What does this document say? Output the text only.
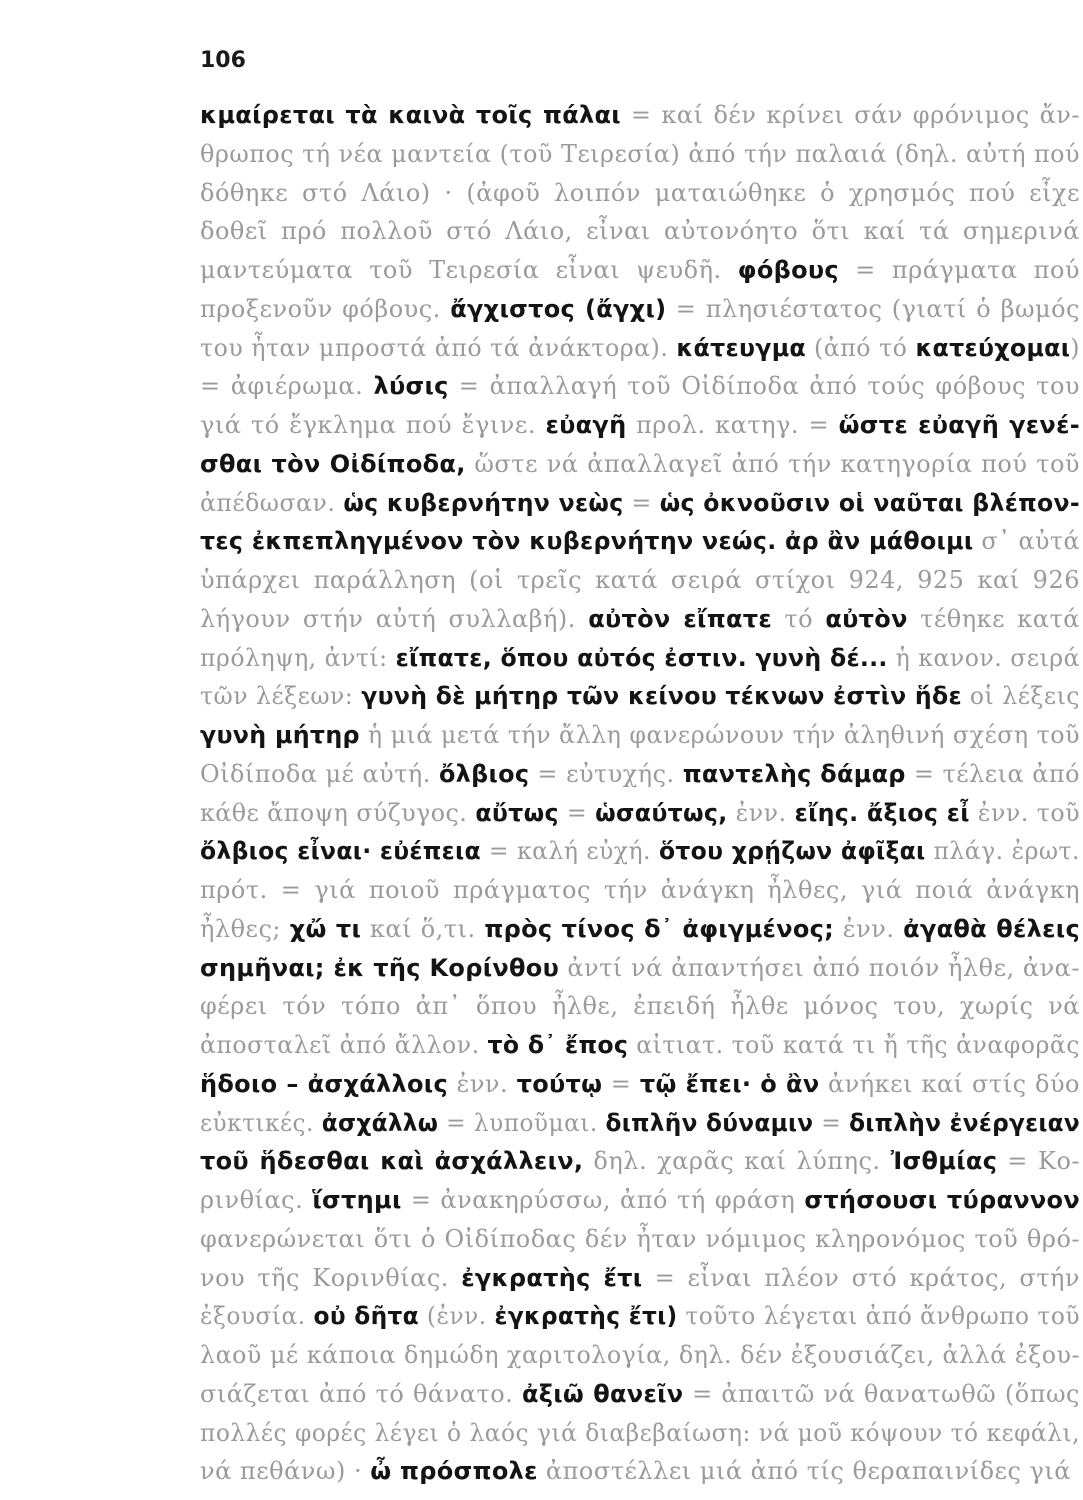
106

κμαίρεται τὰ καινὰ τοῖς πάλαι = καί δέν κρίνει σάν φρόνιμος ἄν-
θρωπος τή νέα μαντεία (τοῦ Τειρεσία) ἀπό τήν παλαιά (δηλ. αὐτή πού
δόθηκε στό Λάιο) · (ἀφοῦ λοιπόν ματαιώθηκε ὁ χρησμός πού εἶχε
δοθεῖ πρό πολλοῦ στό Λάιο, εἶναι αὐτονόητο ὅτι καί τά σημερινά
μαντεύματα τοῦ Τειρεσία εἶναι ψευδῆ. φόβους = πράγματα πού
προξενοῦν φόβους. ἄγχιστος (ἄγχι) = πλησιέστατος (γιατί ὁ βωμός
του ἦταν μπροστά ἀπό τά ἀνάκτορα). κάτευγμα (ἀπό τό κατεύχομαι)
= ἀφιέρωμα. λύσις = ἀπαλλαγή τοῦ Οἰδίποδα ἀπό τούς φόβους του
γιά τό ἔγκλημα πού ἔγινε. εὐαγῆ προλ. κατηγ. = ὥστε εὐαγῆ γενέ-
σθαι τὸν Οἰδίποδα, ὥστε νά ἀπαλλαγεῖ ἀπό τήν κατηγορία πού τοῦ
ἀπέδωσαν. ὡς κυβερνήτην νεὼς = ὡς ὀκνοῦσιν οἱ ναῦται βλέπον-
τες ἐκπεπληγμένον τὸν κυβερνήτην νεώς. ἀρ ἂν μάθοιμι σ᾽ αὐτά
ὑπάρχει παράλληση (οἱ τρεῖς κατά σειρά στίχοι 924, 925 καί 926
λήγουν στήν αὐτή συλλαβή). αὐτὸν εἴπατε τό αὐτὸν τέθηκε κατά
πρόληψη, ἀντί: εἴπατε, ὅπου αὐτός ἐστιν. γυνὴ δέ... ἡ κανον. σειρά
τῶν λέξεων: γυνὴ δὲ μήτηρ τῶν κείνου τέκνων ἐστὶν ἥδε οἱ λέξεις
γυνὴ μήτηρ ἡ μιά μετά τήν ἄλλη φανερώνουν τήν ἀληθινή σχέση τοῦ
Οἰδίποδα μέ αὐτή. ὄλβιος = εὐτυχής. παντελὴς δάμαρ = τέλεια ἀπό
κάθε ἄποψη σύζυγος. αὔτως = ὡσαύτως, ἐνν. εἴης. ἄξιος εἶ ἐνν. τοῦ
ὄλβιος εἶναι· εὐέπεια = καλή εὐχή. ὅτου χρῄζων ἀφῖξαι πλάγ. ἐρωτ.
πρότ. = γιά ποιοῦ πράγματος τήν ἀνάγκη ἦλθες, γιά ποιά ἀνάγκη
ἦλθες; χὤ τι καί ὅ,τι. πρὸς τίνος δ᾽ ἀφιγμένος; ἐνν. ἀγαθὰ θέλεις
σημῆναι; ἐκ τῆς Κορίνθου ἀντί νά ἀπαντήσει ἀπό ποιόν ἦλθε, ἀνα-
φέρει τόν τόπο ἀπ᾽ ὅπου ἦλθε, ἐπειδή ἦλθε μόνος του, χωρίς νά
ἀποσταλεῖ ἀπό ἄλλον. τὸ δ᾽ ἔπος αἰτιατ. τοῦ κατά τι ἤ τῆς ἀναφορᾶς
ἥδοιο – ἀσχάλλοις ἐνν. τούτῳ = τῷ ἔπει· ὁ ἂν ἀνήκει καί στίς δύο
εὐκτικές. ἀσχάλλω = λυποῦμαι. διπλῆν δύναμιν = διπλὴν ἐνέργειαν
τοῦ ἥδεσθαι καὶ ἀσχάλλειν, δηλ. χαρᾶς καί λύπης. Ἰσθμίας = Κο-
ρινθίας. ἵστημι = ἀνακηρύσσω, ἀπό τή φράση στήσουσι τύραννον
φανερώνεται ὅτι ὁ Οἰδίποδας δέν ἦταν νόμιμος κληρονόμος τοῦ θρό-
νου τῆς Κορινθίας. ἐγκρατὴς ἔτι = εἶναι πλέον στό κράτος, στήν
ἐξουσία. οὐ δῆτα (ἐνν. ἐγκρατὴς ἔτι) τοῦτο λέγεται ἀπό ἄνθρωπο τοῦ
λαοῦ μέ κάποια δημώδη χαριτολογία, δηλ. δέν ἐξουσιάζει, ἀλλά ἐξου-
σιάζεται ἀπό τό θάνατο. ἀξιῶ θανεῖν = ἀπαιτῶ νά θανατωθῶ (ὅπως
πολλές φορές λέγει ὁ λαός γιά διαβεβαίωση: νά μοῦ κόψουν τό κεφάλι,
νά πεθάνω) · ὦ πρόσπολε ἀποστέλλει μιά ἀπό τίς θεραπαινίδες γιά
